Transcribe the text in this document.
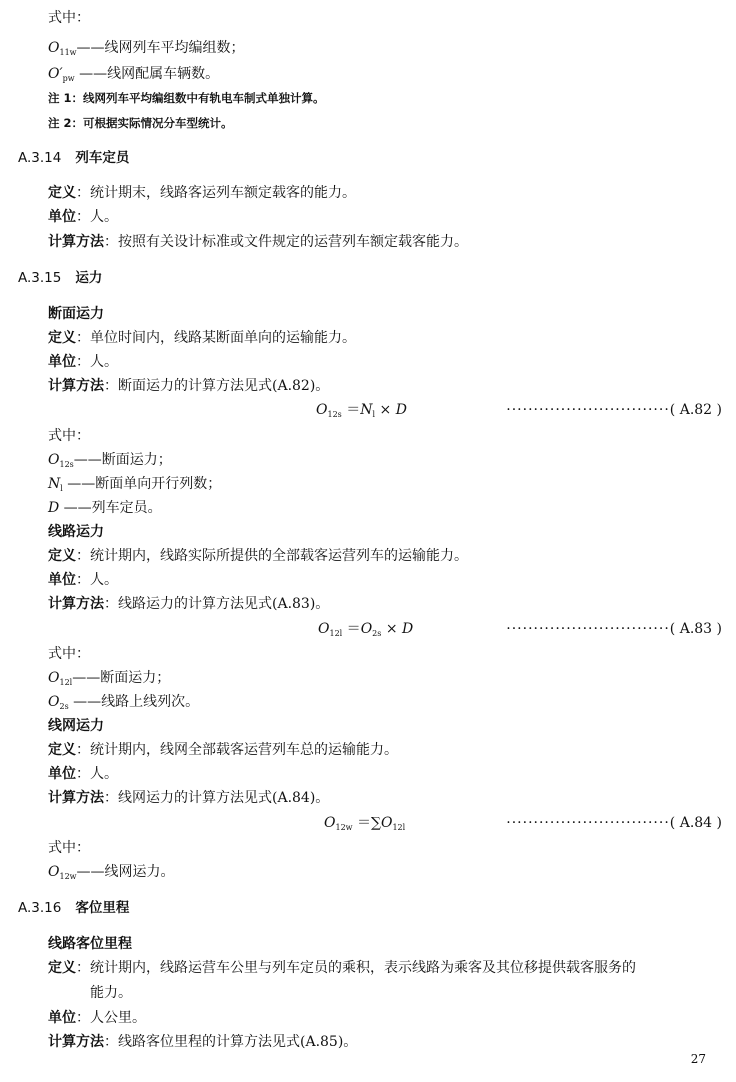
式中：
$O_{11w}——$线网列车平均编组数；
$O'_{pw}$ ——线网配属车辆数。
注 1：线网列车平均编组数中有轨电车制式单独计算。
注 2：可根据实际情况分车型统计。
A.3.14 列车定员
定义：统计期末，线路客运列车额定载客的能力。
单位：人。
计算方法：按照有关设计标准或文件规定的运营列车额定载客能力。
A.3.15 运力
断面运力
定义：单位时间内，线路某断面单向的运输能力。
单位：人。
计算方法：断面运力的计算方法见式(A.82)。
$O_{12s} =N_l \times D$	······························( A.82 )
式中：
$O_{12s}——$断面运力；
$N_l$ ——断面单向开行列数；
D ——列车定员。
线路运力
定义：统计期内，线路实际所提供的全部载客运营列车的运输能力。
单位：人。
计算方法：线路运力的计算方法见式(A.83)。
$O_{12l} =O_{2s} \times D$	······························( A.83 )
式中：
$O_{12l}——$断面运力；
$O_{2s}$ ——线路上线列次。
线网运力
定义：统计期内，线网全部载客运营列车总的运输能力。
单位：人。
计算方法：线网运力的计算方法见式(A.84)。
$O_{12w} =\sum O_{12l}$	······························( A.84 )
式中：
$O_{12w}——$线网运力。
A.3.16 客位里程
线路客位里程
定义：统计期内，线路运营车公里与列车定员的乘积，表示线路为乘客及其位移提供载客服务的
能力。
单位：人公里。
计算方法：线路客位里程的计算方法见式(A.85)。
27
